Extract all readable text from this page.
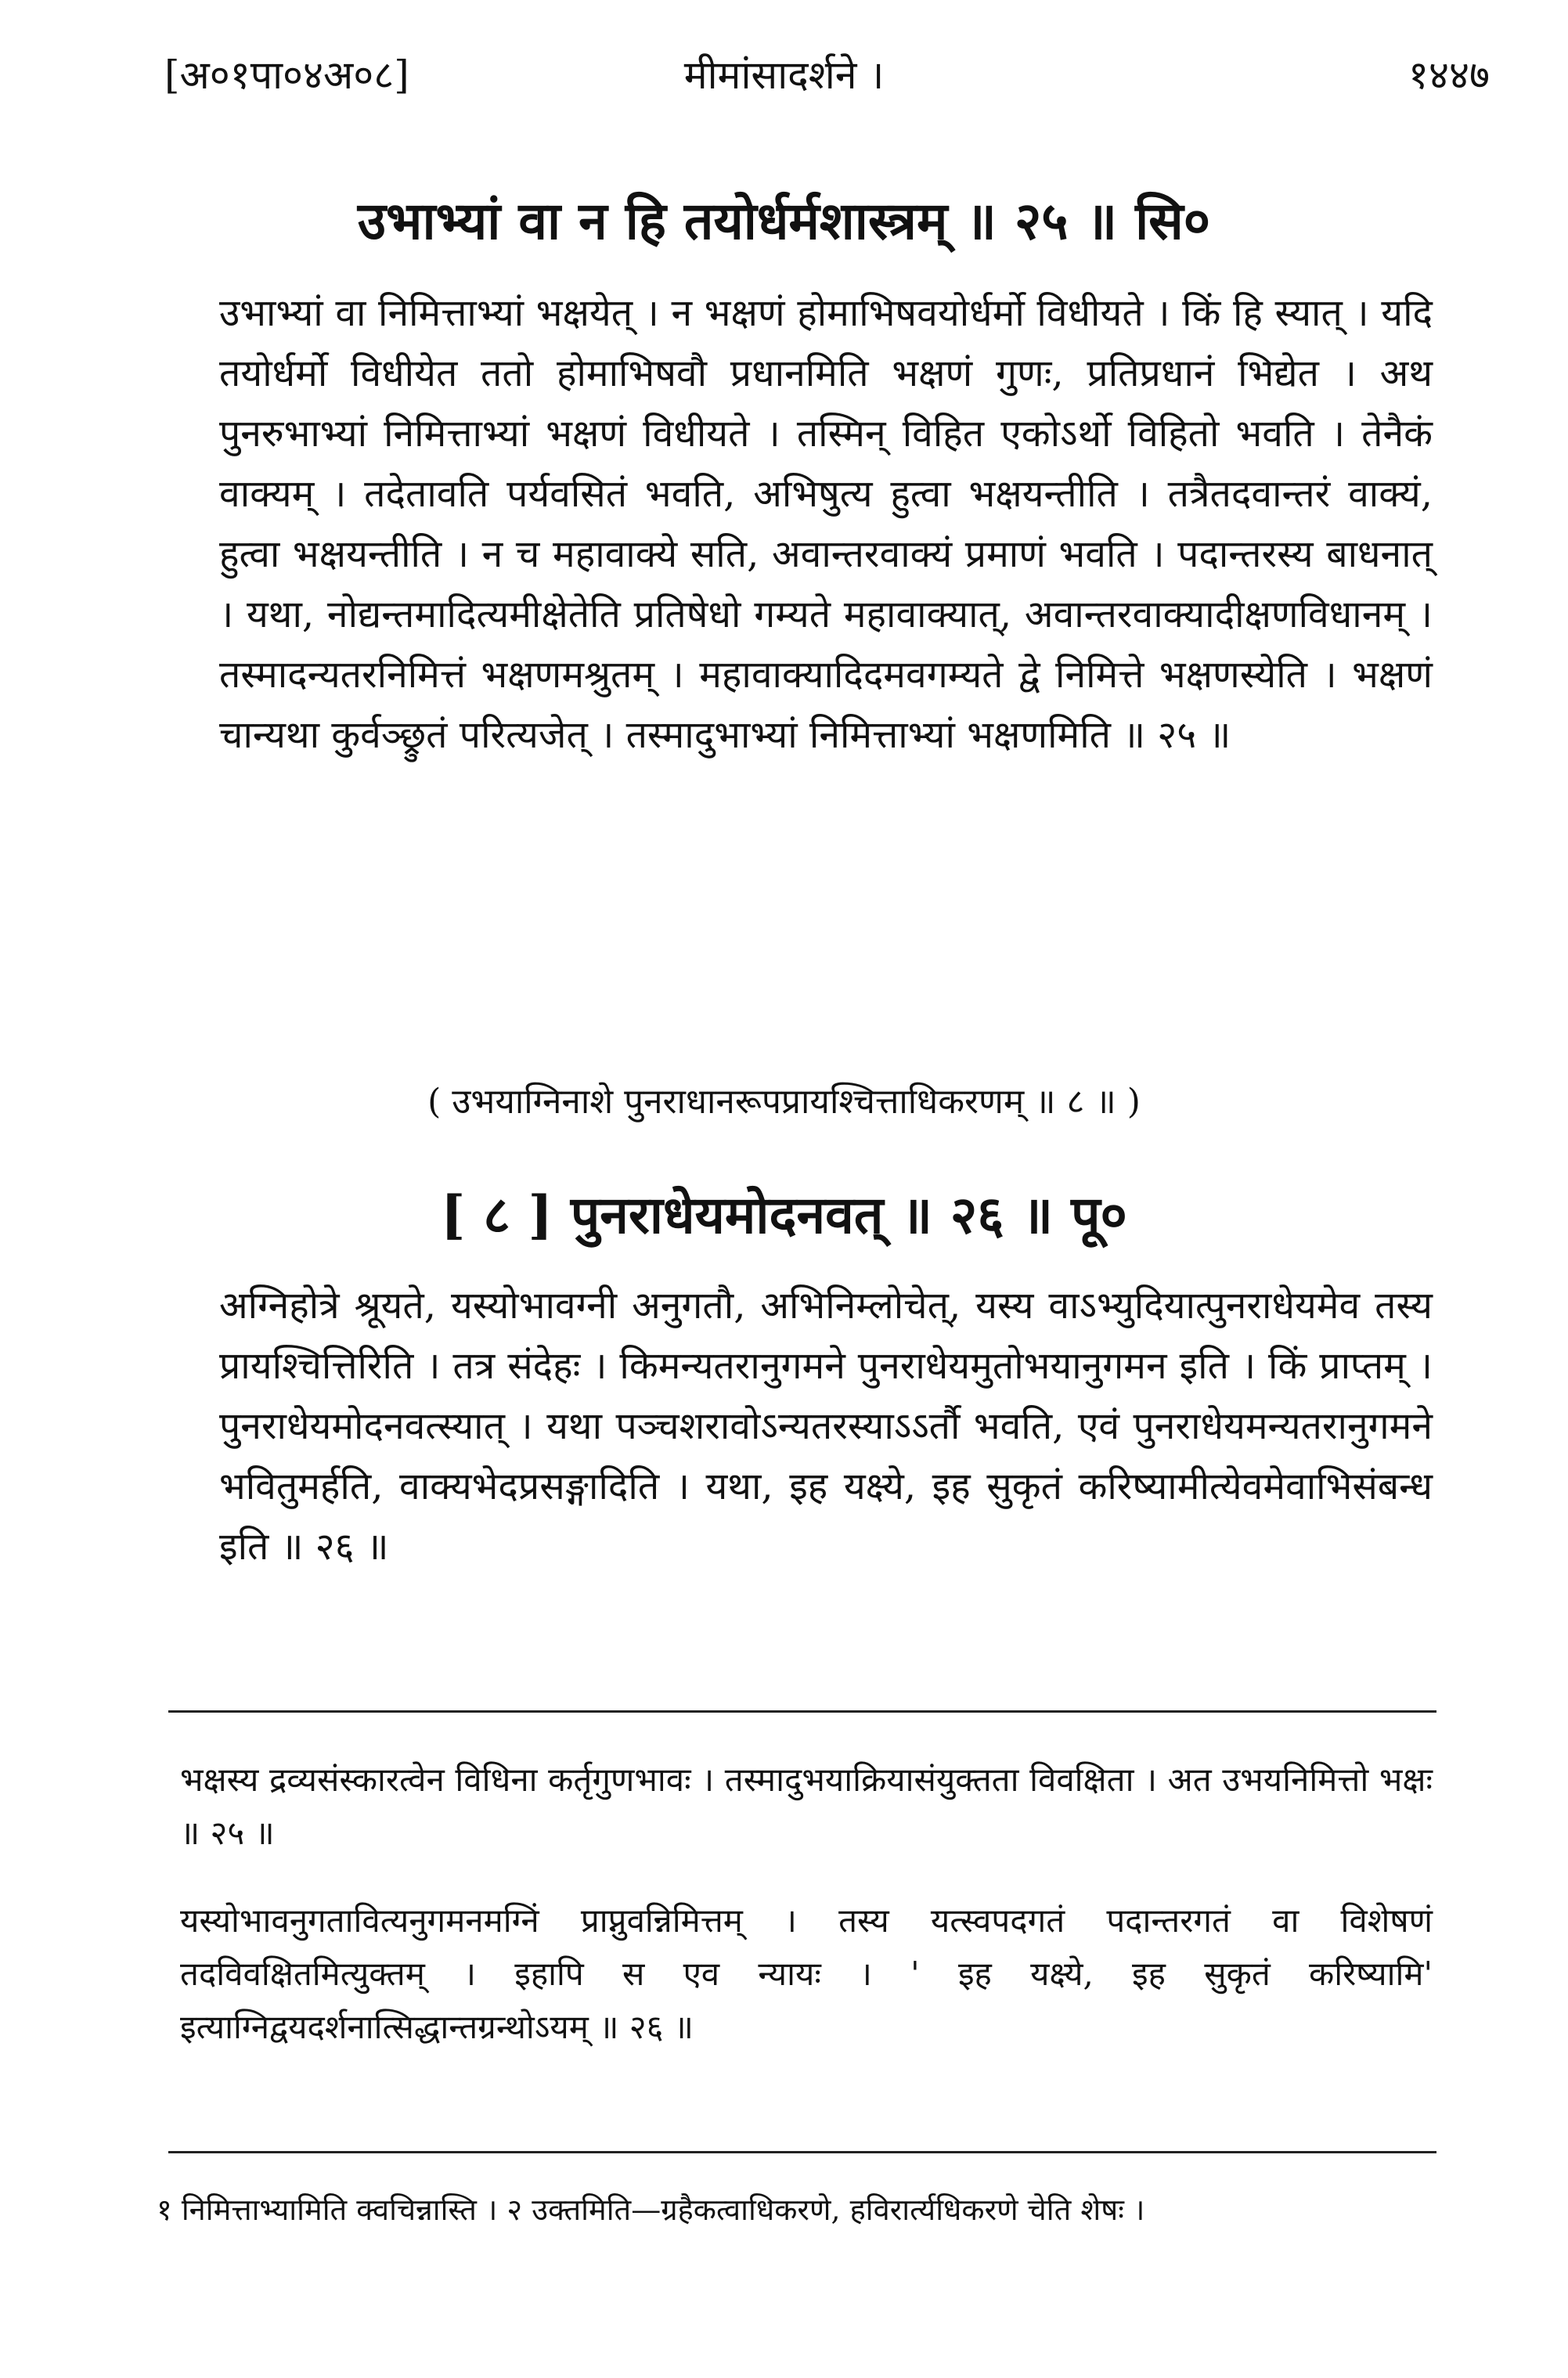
[अ०१पा०४अ०८]	मीमांसादर्शने ।	१४४७
उभाभ्यां वा न हि तयोर्धर्मशास्त्रम् ॥ २५ ॥ सि०
उभाभ्यां वा निमित्ताभ्यां भक्षयेत् । न भक्षणं होमाभिषवयोर्धर्मो विधीयते । किं हि स्यात् । यदि तयोर्धर्मो विधीयेत ततो होमाभिषवौ प्रधानमिति भक्षणं गुणः, प्रतिप्रधानं भिद्येत । अथ पुनरुभाभ्यां निमित्ताभ्यां भक्षणं विधीयते । तस्मिन् विहित एकोऽर्थो विहितो भवति । तेनैकं वाक्यम् । तदेतावति पर्यवसितं भवति, अभिषुत्य हुत्वा भक्षयन्तीति । तत्रैतदवान्तरं वाक्यं, हुत्वा भक्षयन्तीति । न च महावाक्ये सति, अवान्तरवाक्यं प्रमाणं भवति । पदान्तरस्य बाधनात् । यथा, नोद्यन्तमादित्यमीक्षेतेति प्रतिषेधो गम्यते महावाक्यात्, अवान्तरवाक्यादीक्षणविधानम् । तस्मादन्यतरनिमित्तं भक्षणमश्रुतम् । महावाक्यादिदमवगम्यते द्वे निमित्ते भक्षणस्येति । भक्षणं चान्यथा कुर्वञ्छ्रुतं परित्यजेत् । तस्मादुभाभ्यां निमित्ताभ्यां भक्षणमिति ॥ २५ ॥
( उभयाग्निनाशे पुनराधानरूपप्रायश्चित्ताधिकरणम् ॥ ८ ॥ )
[ ८ ] पुनराधेयमोदनवत् ॥ २६ ॥ पू०
अग्निहोत्रे श्रूयते, यस्योभावग्नी अनुगतौ, अभिनिम्लोचेत्, यस्य वाऽभ्युदियात्पुनराधेयमेव तस्य प्रायश्चित्तिरिति । तत्र संदेहः । किमन्यतरानुगमने पुनराधेयमुतोभयानुगमन इति । किं प्राप्तम् । पुनराधेयमोदनवत्स्यात् । यथा पञ्चशरावोऽन्यतरस्याऽऽर्तौ भवति, एवं पुनराधेयमन्यतरानुगमने भवितुमर्हति, वाक्यभेदप्रसङ्गादिति । यथा, इह यक्ष्ये, इह सुकृतं करिष्यामीत्येवमेवाभिसंबन्ध इति ॥ २६ ॥
भक्षस्य द्रव्यसंस्कारत्वेन विधिना कर्तृगुणभावः । तस्मादुभयाक्रियासंयुक्तता विवक्षिता । अत उभयनिमित्तो भक्षः ॥ २५ ॥
यस्योभावनुगतावित्यनुगमनमग्निं प्राप्नुवन्निमित्तम् । तस्य यत्स्वपदगतं पदान्तरगतं वा विशेषणं तदविवक्षितमित्युक्तम् । इहापि स एव न्यायः । ' इह यक्ष्ये, इह सुकृतं करिष्यामि' इत्याग्निद्वयदर्शनात्सिद्धान्तग्रन्थोऽयम् ॥ २६ ॥
१ निमित्ताभ्यामिति क्वचिन्नास्ति । २ उक्तमिति—ग्रहैकत्वाधिकरणे, हविरार्त्यधिकरणे चेति शेषः ।
